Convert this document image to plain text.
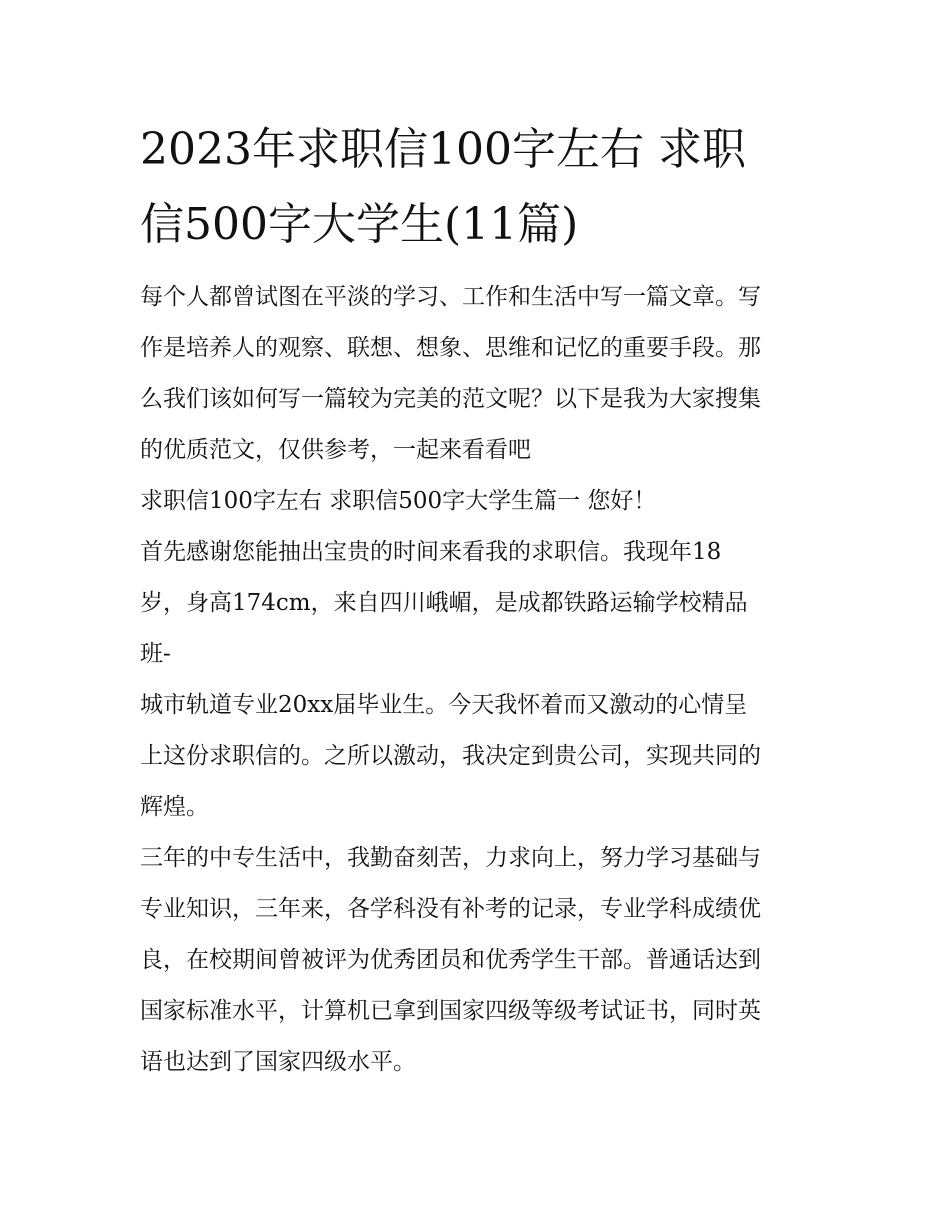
2023年求职信100字左右 求职
信500字大学生(11篇)
每个人都曾试图在平淡的学习、工作和生活中写一篇文章。写
作是培养人的观察、联想、想象、思维和记忆的重要手段。那
么我们该如何写一篇较为完美的范文呢？以下是我为大家搜集
的优质范文，仅供参考，一起来看看吧
求职信100字左右 求职信500字大学生篇一 您好！
首先感谢您能抽出宝贵的时间来看我的求职信。我现年18
岁，身高174cm，来自四川峨嵋，是成都铁路运输学校精品
班-
城市轨道专业20xx届毕业生。今天我怀着而又激动的心情呈
上这份求职信的。之所以激动，我决定到贵公司，实现共同的
辉煌。
三年的中专生活中，我勤奋刻苦，力求向上，努力学习基础与
专业知识，三年来，各学科没有补考的记录，专业学科成绩优
良，在校期间曾被评为优秀团员和优秀学生干部。普通话达到
国家标准水平，计算机已拿到国家四级等级考试证书，同时英
语也达到了国家四级水平。
